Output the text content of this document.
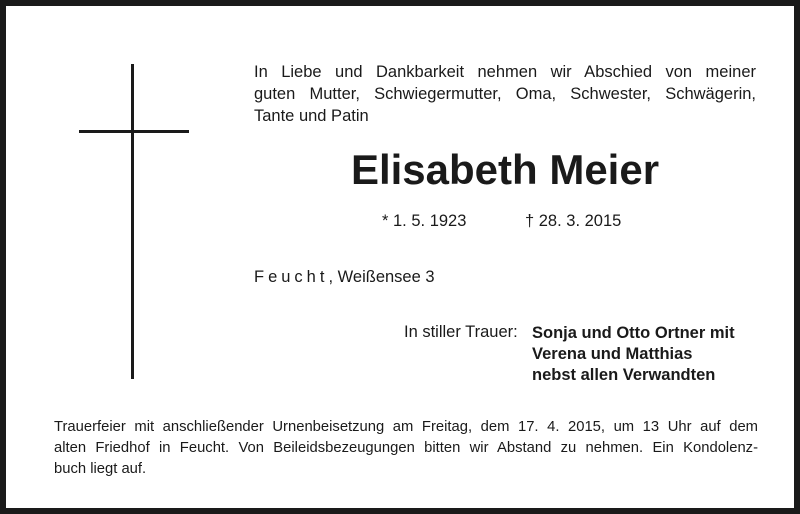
In Liebe und Dankbarkeit nehmen wir Abschied von meiner
guten Mutter, Schwiegermutter, Oma, Schwester, Schwägerin,
Tante und Patin

Elisabeth Meier
* 1. 5. 1923	† 28. 3. 2015
Feucht, Weißensee 3
In stiller Trauer: Sonja und Otto Ortner mit
Verena und Matthias
nebst allen Verwandten
Trauerfeier mit anschließender Urnenbeisetzung am Freitag, dem 17. 4. 2015, um 13 Uhr auf dem
alten Friedhof in Feucht. Von Beileidsbezeugungen bitten wir Abstand zu nehmen. Ein Kondolenz-
buch liegt auf.
